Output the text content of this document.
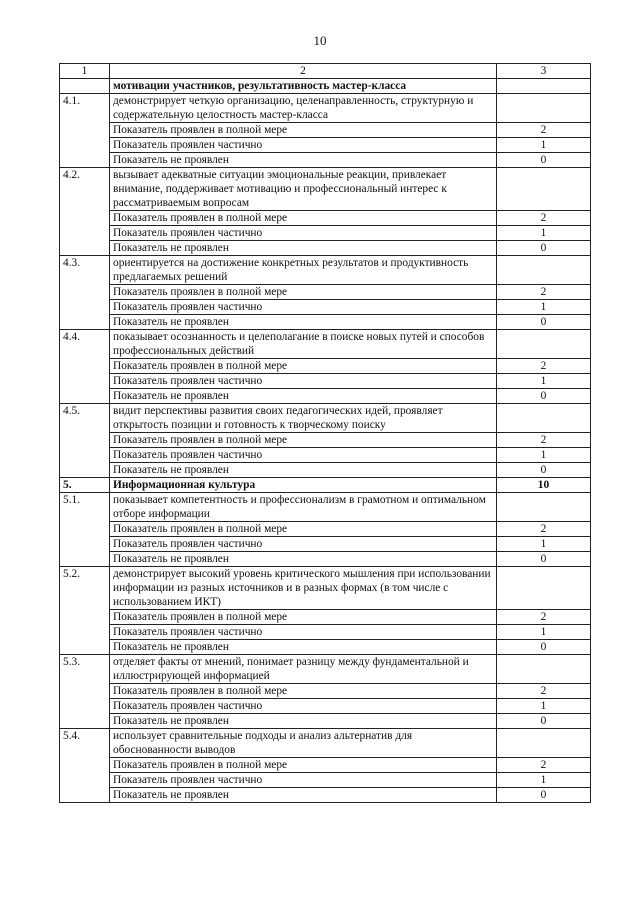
10
1	2	3
	мотивации участников, результативность мастер-класса	
4.1.	демонстрирует четкую организацию, целенаправленность, структурную и содержательную целостность мастер-класса	
	Показатель проявлен в полной мере	2
	Показатель проявлен частично	1
	Показатель не проявлен	0
4.2.	вызывает адекватные ситуации эмоциональные реакции, привлекает внимание, поддерживает мотивацию и профессиональный интерес к рассматриваемым вопросам	
	Показатель проявлен в полной мере	2
	Показатель проявлен частично	1
	Показатель не проявлен	0
4.3.	ориентируется на достижение конкретных результатов и продуктивность предлагаемых решений	
	Показатель проявлен в полной мере	2
	Показатель проявлен частично	1
	Показатель не проявлен	0
4.4.	показывает осознанность и целеполагание в поиске новых путей и способов профессиональных действий	
	Показатель проявлен в полной мере	2
	Показатель проявлен частично	1
	Показатель не проявлен	0
4.5.	видит перспективы развития своих педагогических идей, проявляет открытость позиции и готовность к творческому поиску	
	Показатель проявлен в полной мере	2
	Показатель проявлен частично	1
	Показатель не проявлен	0
5.	Информационная культура	10
5.1.	показывает компетентность и профессионализм в грамотном и оптимальном отборе информации	
	Показатель проявлен в полной мере	2
	Показатель проявлен частично	1
	Показатель не проявлен	0
5.2.	демонстрирует высокий уровень критического мышления при использовании информации из разных источников и в разных формах (в том числе с использованием ИКТ)	
	Показатель проявлен в полной мере	2
	Показатель проявлен частично	1
	Показатель не проявлен	0
5.3.	отделяет факты от мнений, понимает разницу между фундаментальной и иллюстрирующей информацией	
	Показатель проявлен в полной мере	2
	Показатель проявлен частично	1
	Показатель не проявлен	0
5.4.	использует сравнительные подходы и анализ альтернатив для обоснованности выводов	
	Показатель проявлен в полной мере	2
	Показатель проявлен частично	1
	Показатель не проявлен	0
